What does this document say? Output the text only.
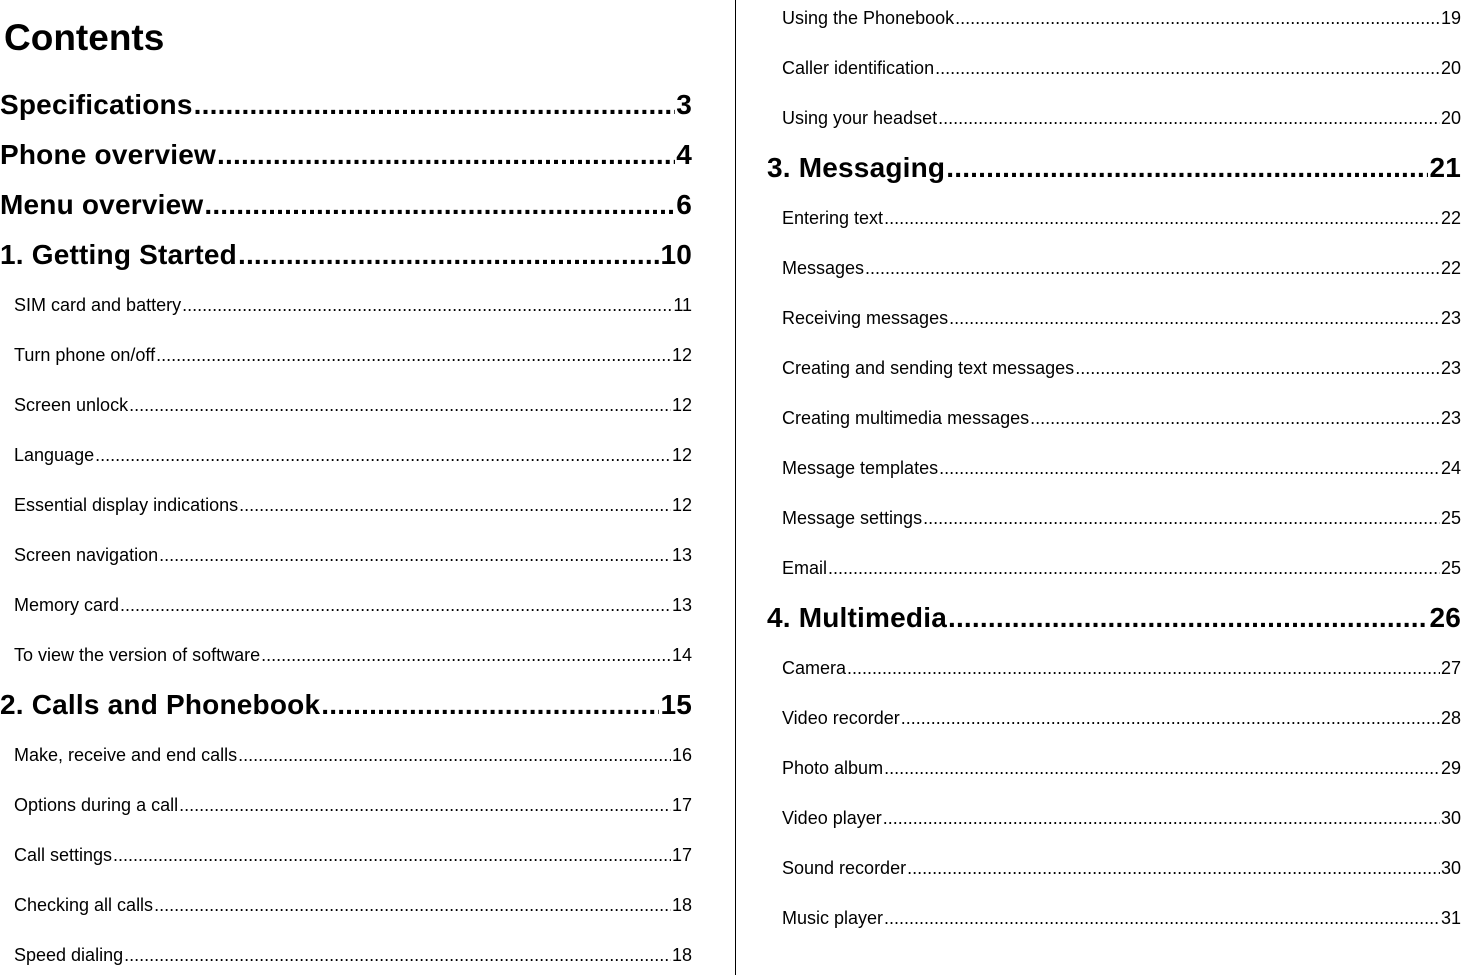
Contents
Specifications .....	3
Phone overview .....	4
Menu overview .....	6
1. Getting Started .....	10
SIM card and battery .....	11
Turn phone on/off .....	12
Screen unlock .....	12
Language .....	12
Essential display indications .....	12
Screen navigation .....	13
Memory card .....	13
To view the version of software .....	14
2. Calls and Phonebook .....	15
Make, receive and end calls .....	16
Options during a call .....	17
Call settings .....	17
Checking all calls .....	18
Speed dialing .....	18
Using the Phonebook .....	19
Caller identification .....	20
Using your headset .....	20
3. Messaging .....	21
Entering text .....	22
Messages .....	22
Receiving messages .....	23
Creating and sending text messages .....	23
Creating multimedia messages .....	23
Message templates .....	24
Message settings .....	25
Email .....	25
4. Multimedia .....	26
Camera .....	27
Video recorder .....	28
Photo album .....	29
Video player .....	30
Sound recorder .....	30
Music player .....	31
